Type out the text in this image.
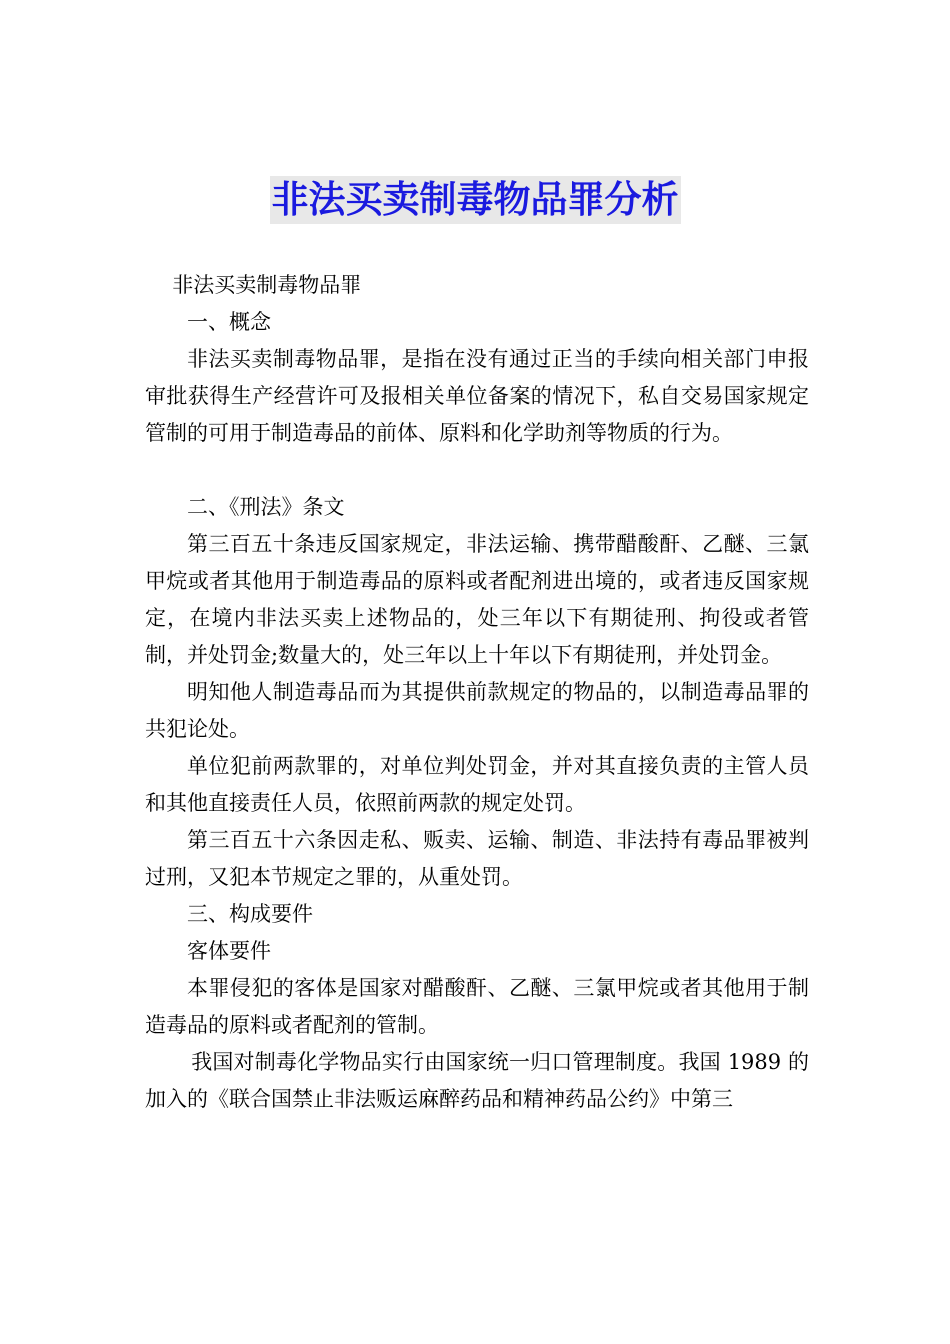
非法买卖制毒物品罪分析

非法买卖制毒物品罪

一、概念

非法买卖制毒物品罪，是指在没有通过正当的手续向相关部门申报审批获得生产经营许可及报相关单位备案的情况下，私自交易国家规定管制的可用于制造毒品的前体、原料和化学助剂等物质的行为。

二、《刑法》条文

第三百五十条违反国家规定，非法运输、携带醋酸酐、乙醚、三氯甲烷或者其他用于制造毒品的原料或者配剂进出境的，或者违反国家规定，在境内非法买卖上述物品的，处三年以下有期徒刑、拘役或者管制，并处罚金;数量大的，处三年以上十年以下有期徒刑，并处罚金。

明知他人制造毒品而为其提供前款规定的物品的，以制造毒品罪的共犯论处。

单位犯前两款罪的，对单位判处罚金，并对其直接负责的主管人员和其他直接责任人员，依照前两款的规定处罚。

第三百五十六条因走私、贩卖、运输、制造、非法持有毒品罪被判过刑，又犯本节规定之罪的，从重处罚。

三、构成要件

客体要件

本罪侵犯的客体是国家对醋酸酐、乙醚、三氯甲烷或者其他用于制造毒品的原料或者配剂的管制。

我国对制毒化学物品实行由国家统一归口管理制度。我国 1989 的加入的《联合国禁止非法贩运麻醉药品和精神药品公约》中第三
